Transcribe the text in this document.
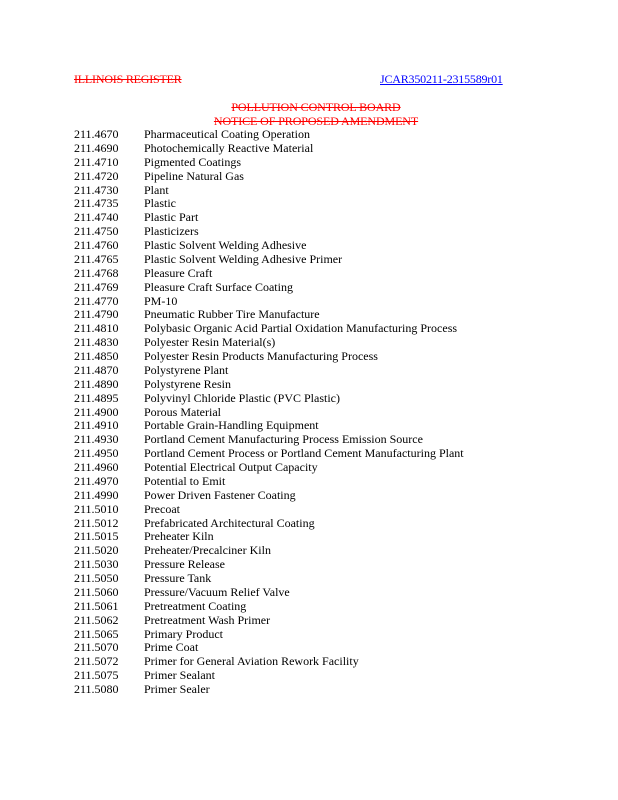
ILLINOIS REGISTER	JCAR350211-2315589r01
POLLUTION CONTROL BOARD
NOTICE OF PROPOSED AMENDMENT
211.4670	Pharmaceutical Coating Operation
211.4690	Photochemically Reactive Material
211.4710	Pigmented Coatings
211.4720	Pipeline Natural Gas
211.4730	Plant
211.4735	Plastic
211.4740	Plastic Part
211.4750	Plasticizers
211.4760	Plastic Solvent Welding Adhesive
211.4765	Plastic Solvent Welding Adhesive Primer
211.4768	Pleasure Craft
211.4769	Pleasure Craft Surface Coating
211.4770	PM-10
211.4790	Pneumatic Rubber Tire Manufacture
211.4810	Polybasic Organic Acid Partial Oxidation Manufacturing Process
211.4830	Polyester Resin Material(s)
211.4850	Polyester Resin Products Manufacturing Process
211.4870	Polystyrene Plant
211.4890	Polystyrene Resin
211.4895	Polyvinyl Chloride Plastic (PVC Plastic)
211.4900	Porous Material
211.4910	Portable Grain-Handling Equipment
211.4930	Portland Cement Manufacturing Process Emission Source
211.4950	Portland Cement Process or Portland Cement Manufacturing Plant
211.4960	Potential Electrical Output Capacity
211.4970	Potential to Emit
211.4990	Power Driven Fastener Coating
211.5010	Precoat
211.5012	Prefabricated Architectural Coating
211.5015	Preheater Kiln
211.5020	Preheater/Precalciner Kiln
211.5030	Pressure Release
211.5050	Pressure Tank
211.5060	Pressure/Vacuum Relief Valve
211.5061	Pretreatment Coating
211.5062	Pretreatment Wash Primer
211.5065	Primary Product
211.5070	Prime Coat
211.5072	Primer for General Aviation Rework Facility
211.5075	Primer Sealant
211.5080	Primer Sealer
